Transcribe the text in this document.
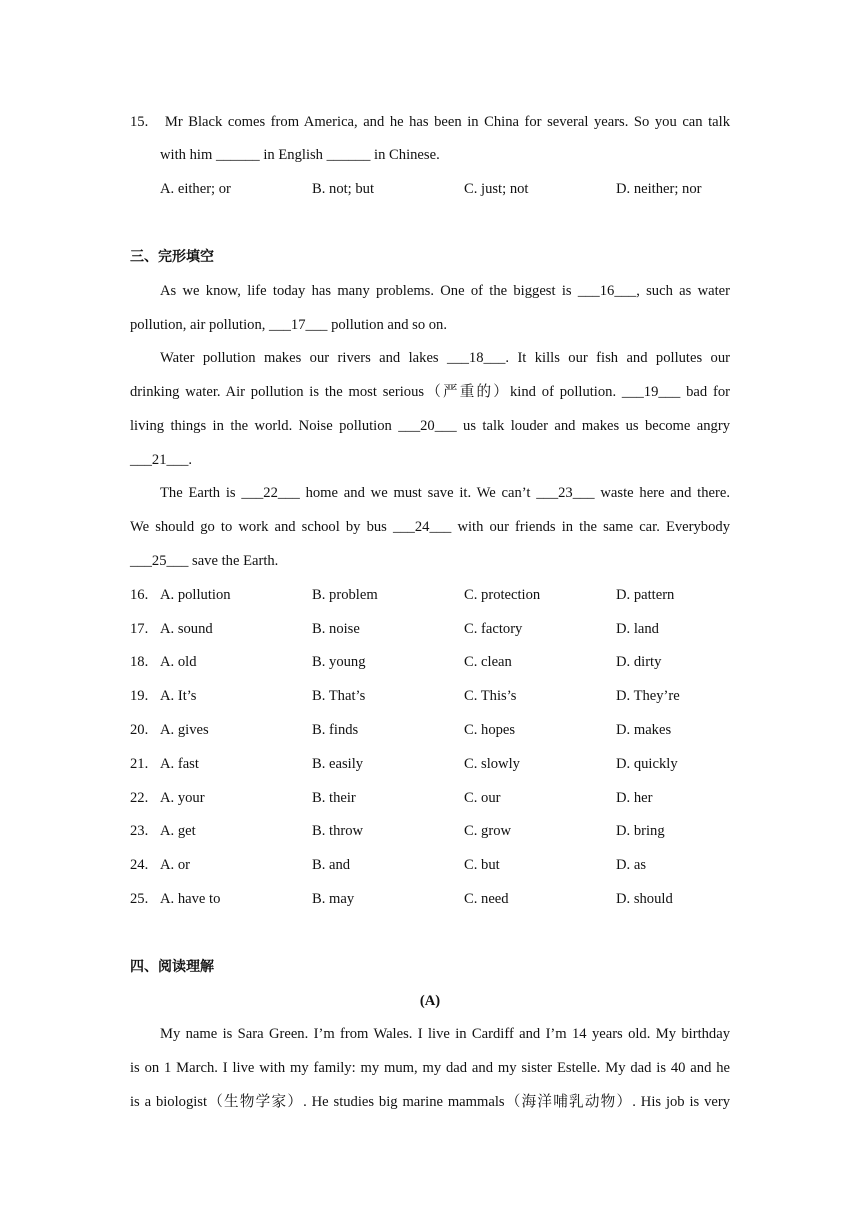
15. Mr Black comes from America, and he has been in China for several years. So you can talk
with him ______ in English ______ in Chinese.
A. either; or	B. not; but	C. just; not	D. neither; nor
三、完形填空
As we know, life today has many problems. One of the biggest is ___16___, such as water
pollution, air pollution, ___17___ pollution and so on.
Water pollution makes our rivers and lakes ___18___. It kills our fish and pollutes our
drinking water. Air pollution is the most serious（严重的）kind of pollution. ___19___ bad for
living things in the world. Noise pollution ___20___ us talk louder and makes us become angry
___21___.
The Earth is ___22___ home and we must save it. We can’t ___23___ waste here and there.
We should go to work and school by bus ___24___ with our friends in the same car. Everybody
___25___ save the Earth.
16. A. pollution	B. problem	C. protection	D. pattern
17. A. sound	B. noise	C. factory	D. land
18. A. old	B. young	C. clean	D. dirty
19. A. It’s	B. That’s	C. This’s	D. They’re
20. A. gives	B. finds	C. hopes	D. makes
21. A. fast	B. easily	C. slowly	D. quickly
22. A. your	B. their	C. our	D. her
23. A. get	B. throw	C. grow	D. bring
24. A. or	B. and	C. but	D. as
25. A. have to	B. may	C. need	D. should
四、阅读理解
(A)
My name is Sara Green. I’m from Wales. I live in Cardiff and I’m 14 years old. My birthday
is on 1 March. I live with my family: my mum, my dad and my sister Estelle. My dad is 40 and he
is a biologist（生物学家）. He studies big marine mammals（海洋哺乳动物）. His job is very
